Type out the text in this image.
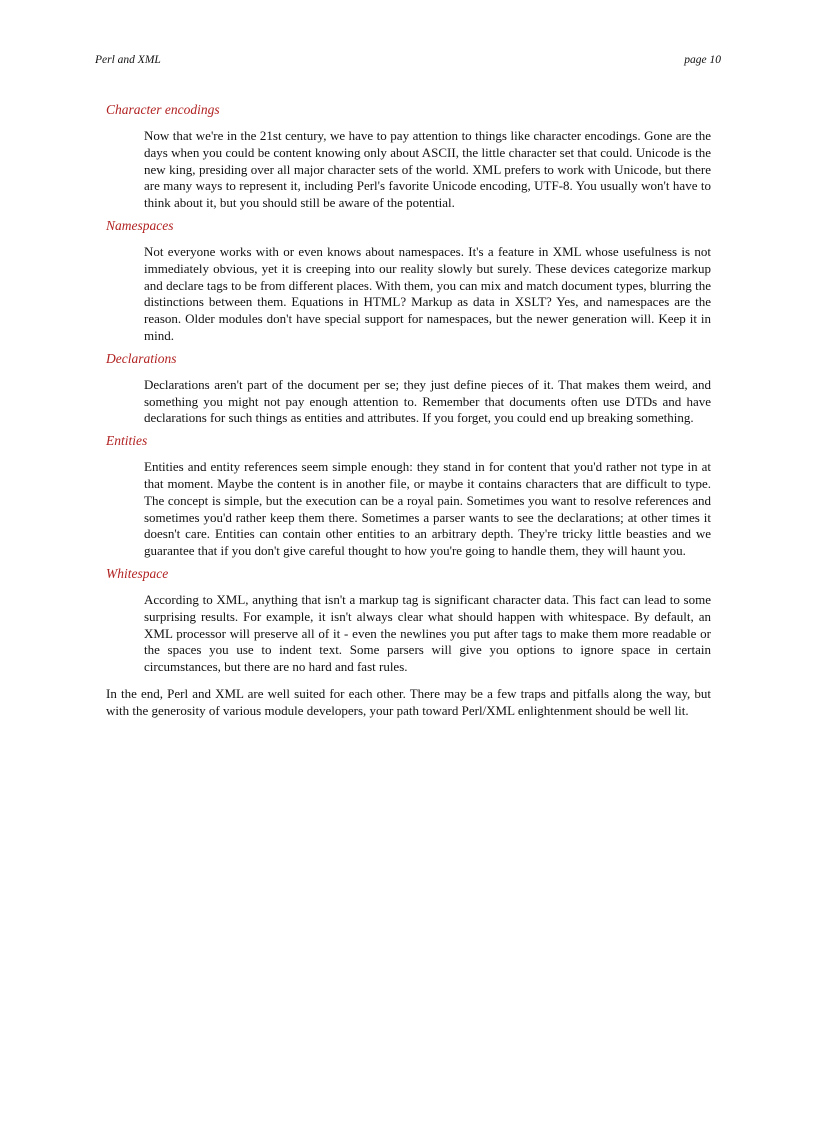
Perl and XML	page 10
Character encodings

Now that we're in the 21st century, we have to pay attention to things like character encodings. Gone are the days when you could be content knowing only about ASCII, the little character set that could. Unicode is the new king, presiding over all major character sets of the world. XML prefers to work with Unicode, but there are many ways to represent it, including Perl's favorite Unicode encoding, UTF-8. You usually won't have to think about it, but you should still be aware of the potential.

Namespaces

Not everyone works with or even knows about namespaces. It's a feature in XML whose usefulness is not immediately obvious, yet it is creeping into our reality slowly but surely. These devices categorize markup and declare tags to be from different places. With them, you can mix and match document types, blurring the distinctions between them. Equations in HTML? Markup as data in XSLT? Yes, and namespaces are the reason. Older modules don't have special support for namespaces, but the newer generation will. Keep it in mind.

Declarations

Declarations aren't part of the document per se; they just define pieces of it. That makes them weird, and something you might not pay enough attention to. Remember that documents often use DTDs and have declarations for such things as entities and attributes. If you forget, you could end up breaking something.

Entities

Entities and entity references seem simple enough: they stand in for content that you'd rather not type in at that moment. Maybe the content is in another file, or maybe it contains characters that are difficult to type. The concept is simple, but the execution can be a royal pain. Sometimes you want to resolve references and sometimes you'd rather keep them there. Sometimes a parser wants to see the declarations; at other times it doesn't care. Entities can contain other entities to an arbitrary depth. They're tricky little beasties and we guarantee that if you don't give careful thought to how you're going to handle them, they will haunt you.

Whitespace

According to XML, anything that isn't a markup tag is significant character data. This fact can lead to some surprising results. For example, it isn't always clear what should happen with whitespace. By default, an XML processor will preserve all of it - even the newlines you put after tags to make them more readable or the spaces you use to indent text. Some parsers will give you options to ignore space in certain circumstances, but there are no hard and fast rules.

In the end, Perl and XML are well suited for each other. There may be a few traps and pitfalls along the way, but with the generosity of various module developers, your path toward Perl/XML enlightenment should be well lit.
